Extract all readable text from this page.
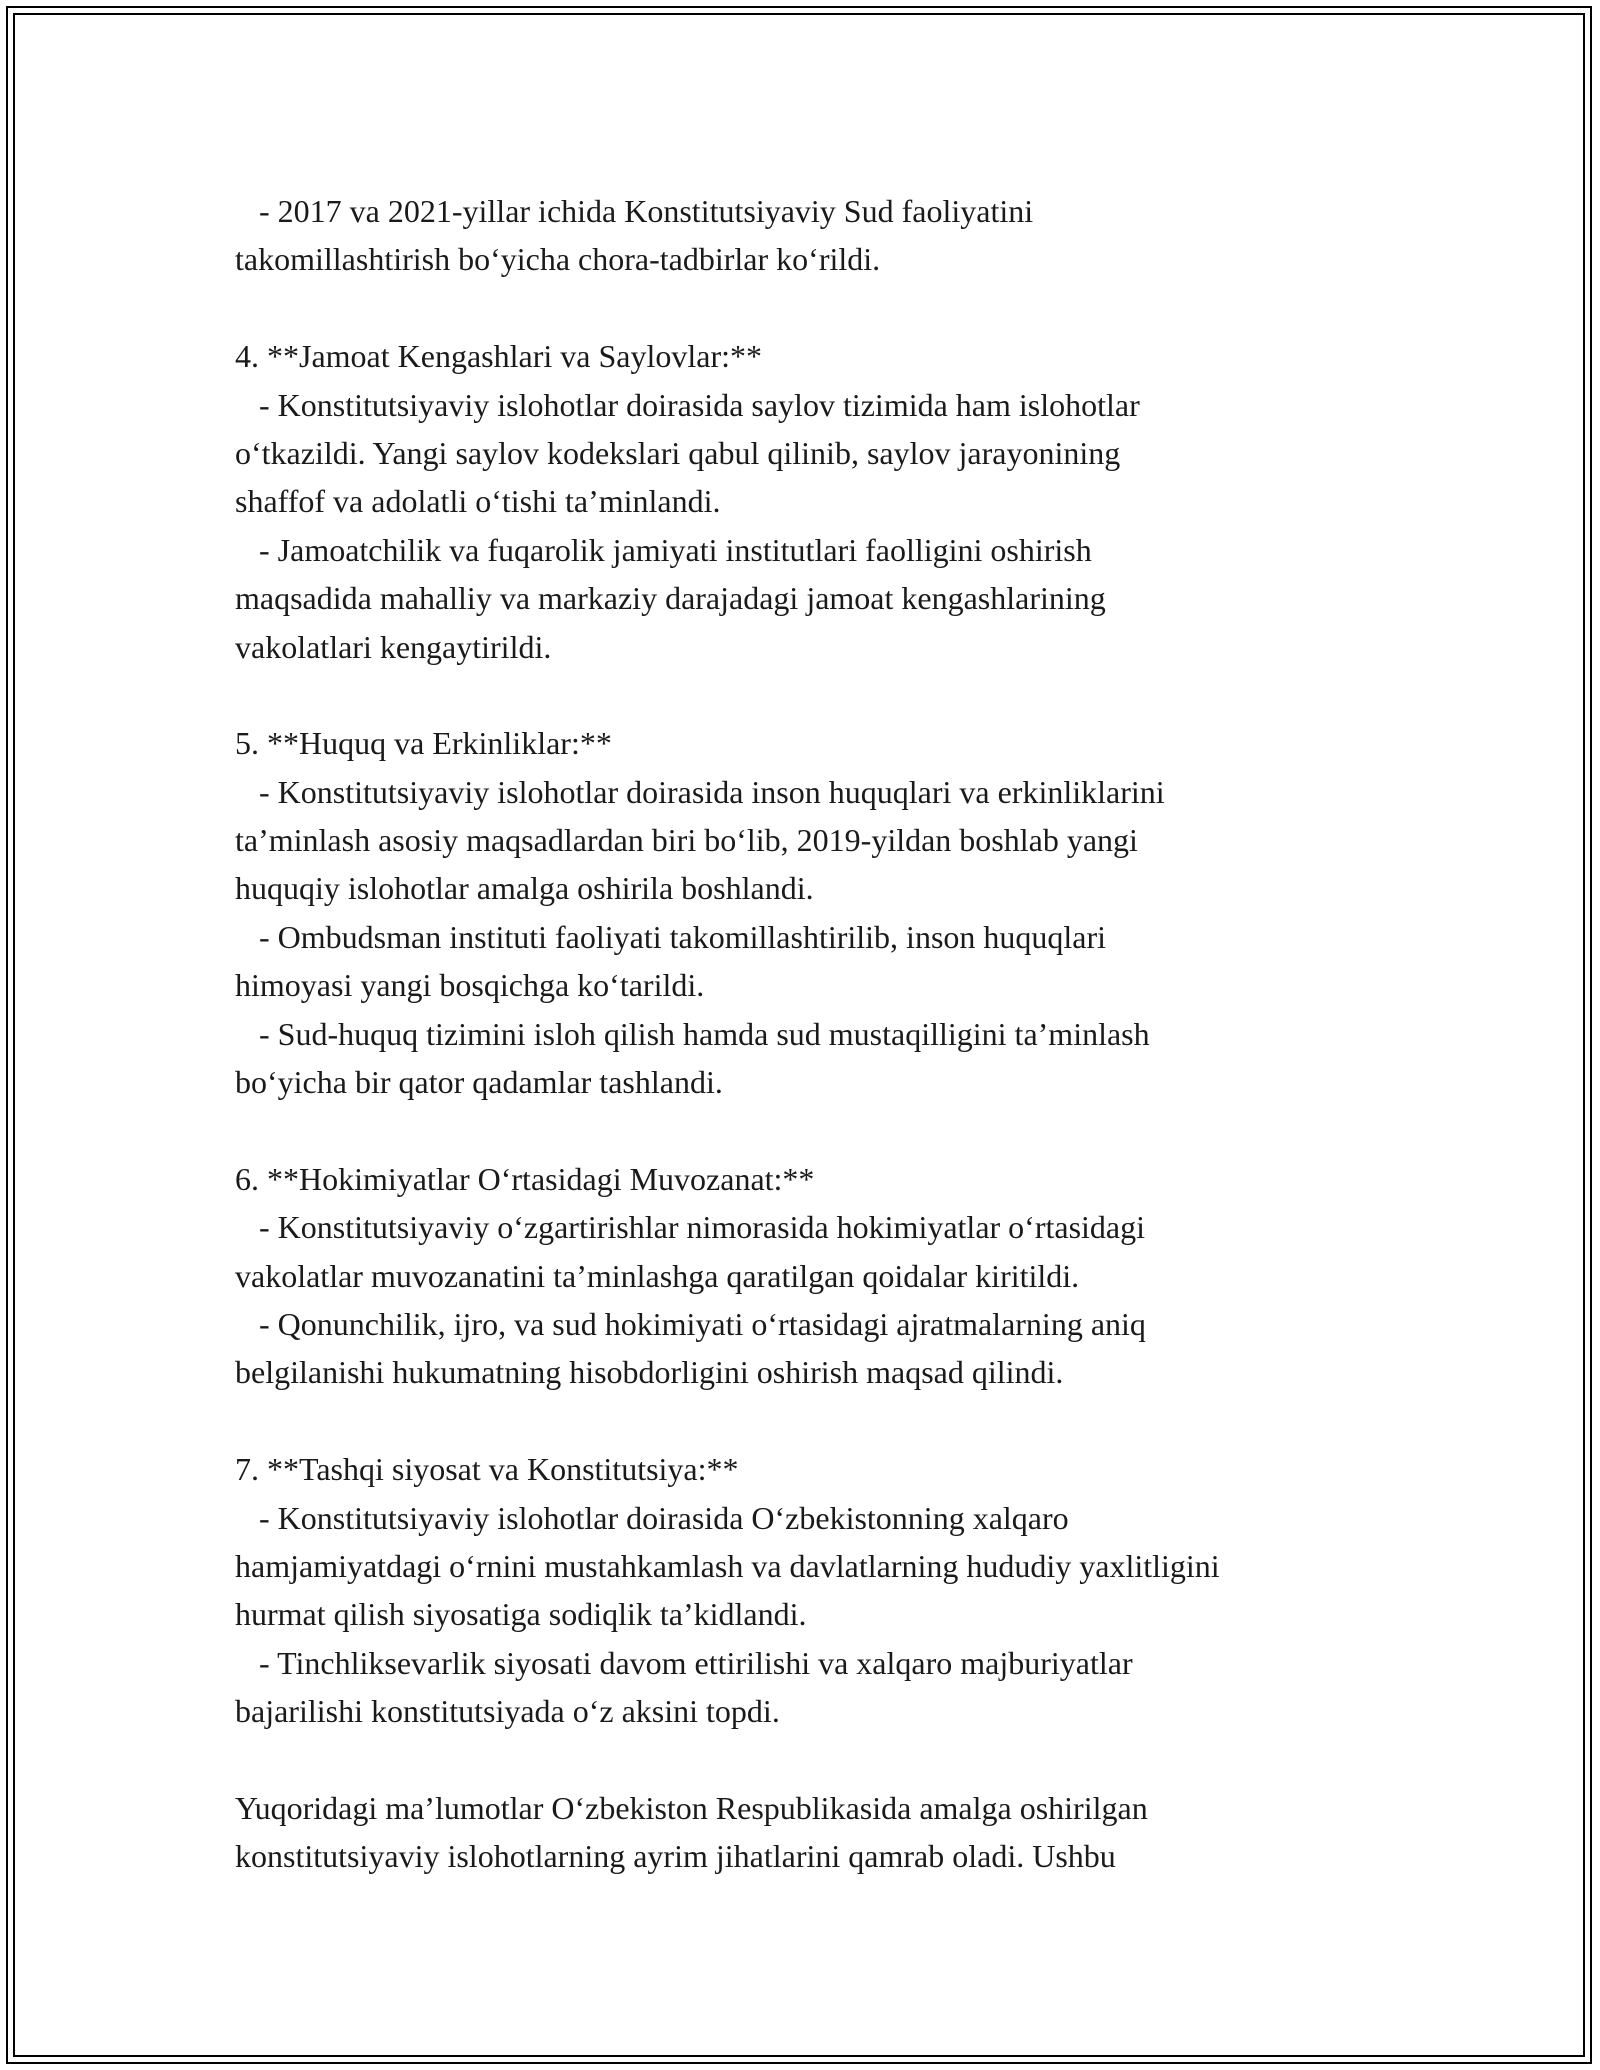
- 2017 va 2021-yillar ichida Konstitutsiyaviy Sud faoliyatini
takomillashtirish bo‘yicha chora-tadbirlar ko‘rildi.
4. **Jamoat Kengashlari va Saylovlar:**
- Konstitutsiyaviy islohotlar doirasida saylov tizimida ham islohotlar
o‘tkazildi. Yangi saylov kodekslari qabul qilinib, saylov jarayonining
shaffof va adolatli o‘tishi ta’minlandi.
- Jamoatchilik va fuqarolik jamiyati institutlari faolligini oshirish
maqsadida mahalliy va markaziy darajadagi jamoat kengashlarining
vakolatlari kengaytirildi.
5. **Huquq va Erkinliklar:**
- Konstitutsiyaviy islohotlar doirasida inson huquqlari va erkinliklarini
ta’minlash asosiy maqsadlardan biri bo‘lib, 2019-yildan boshlab yangi
huquqiy islohotlar amalga oshirila boshlandi.
- Ombudsman instituti faoliyati takomillashtirilib, inson huquqlari
himoyasi yangi bosqichga ko‘tarildi.
- Sud-huquq tizimini isloh qilish hamda sud mustaqilligini ta’minlash
bo‘yicha bir qator qadamlar tashlandi.
6. **Hokimiyatlar O‘rtasidagi Muvozanat:**
- Konstitutsiyaviy o‘zgartirishlar nimorasida hokimiyatlar o‘rtasidagi
vakolatlar muvozanatini ta’minlashga qaratilgan qoidalar kiritildi.
- Qonunchilik, ijro, va sud hokimiyati o‘rtasidagi ajratmalarning aniq
belgilanishi hukumatning hisobdorligini oshirish maqsad qilindi.
7. **Tashqi siyosat va Konstitutsiya:**
- Konstitutsiyaviy islohotlar doirasida O‘zbekistonning xalqaro
hamjamiyatdagi o‘rnini mustahkamlash va davlatlarning hududiy yaxlitligini
hurmat qilish siyosatiga sodiqlik ta’kidlandi.
- Tinchliksevarlik siyosati davom ettirilishi va xalqaro majburiyatlar
bajarilishi konstitutsiyada o‘z aksini topdi.
Yuqoridagi ma’lumotlar O‘zbekiston Respublikasida amalga oshirilgan
konstitutsiyaviy islohotlarning ayrim jihatlarini qamrab oladi. Ushbu
